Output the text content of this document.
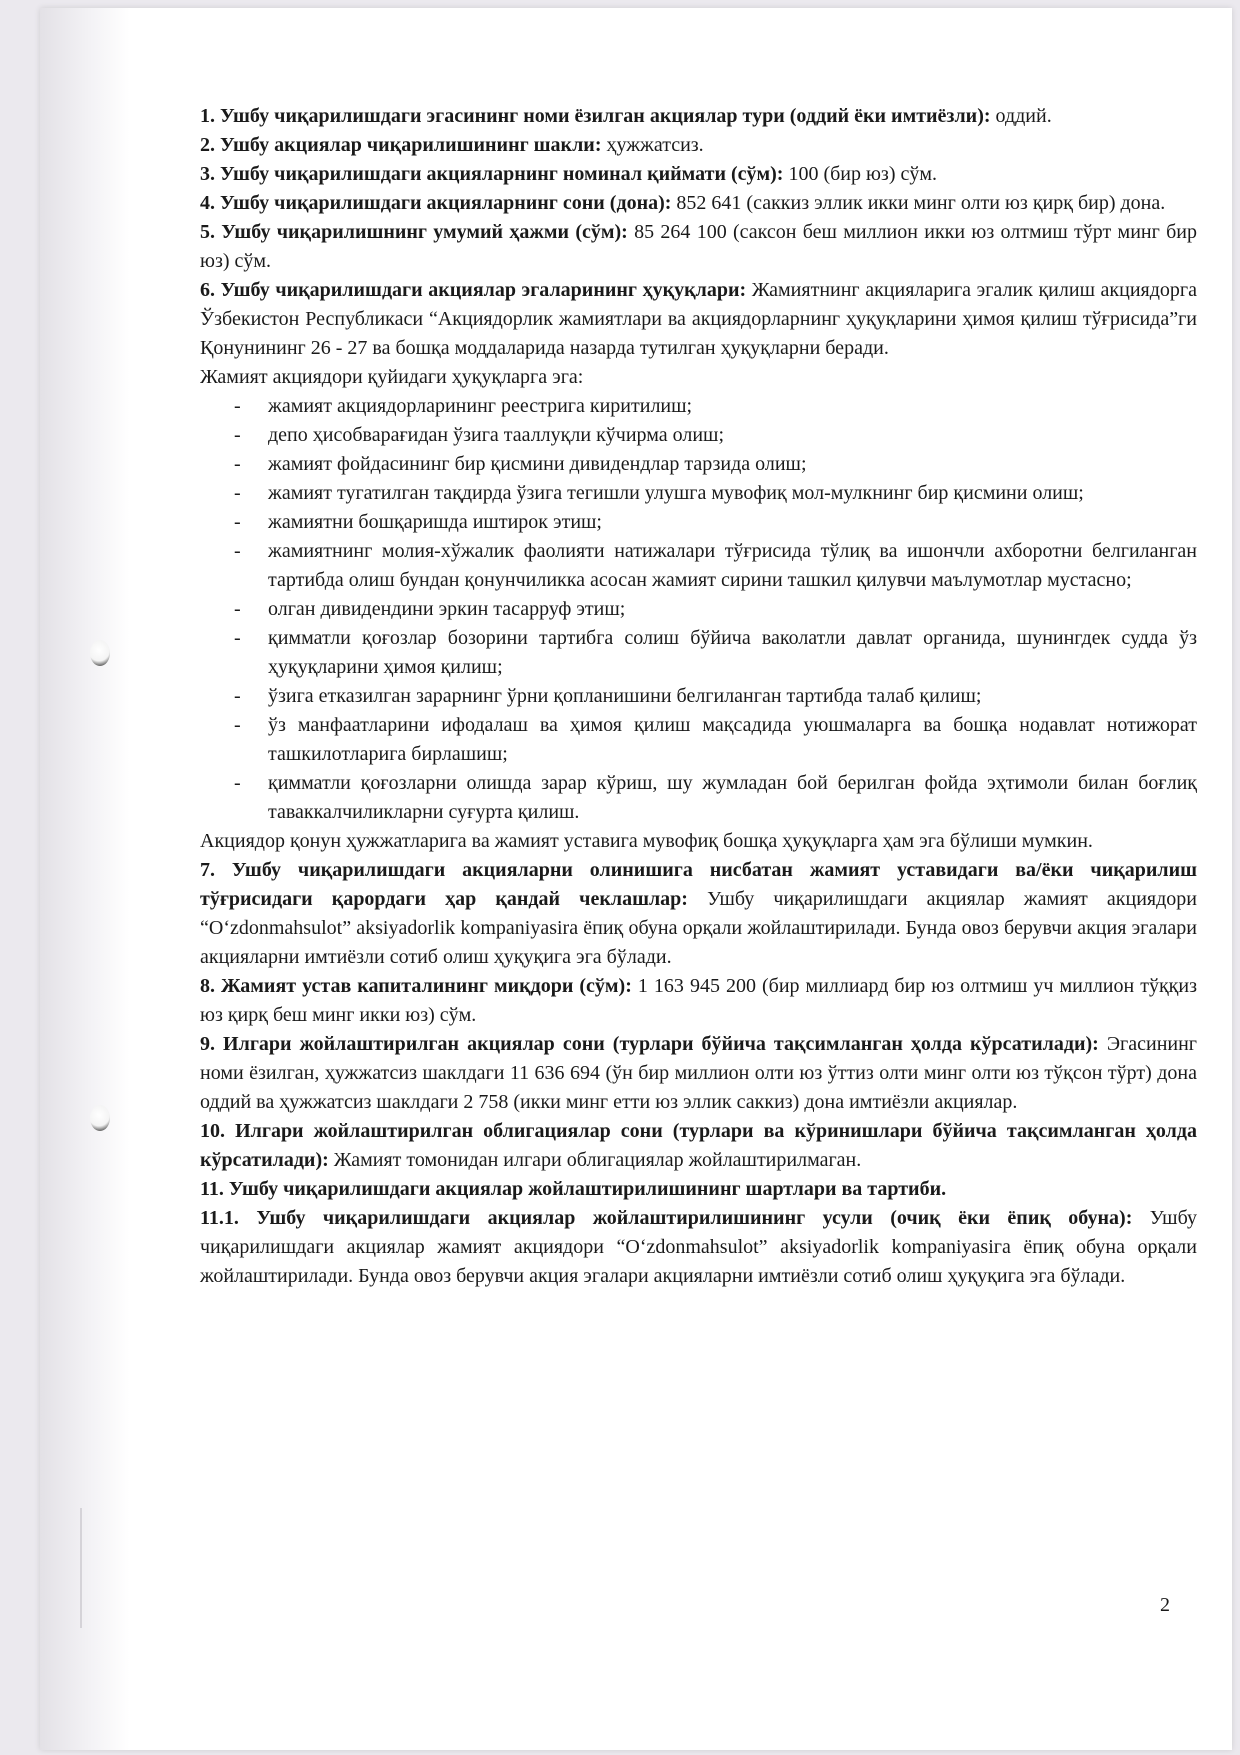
1. Ушбу чиқарилишдаги эгасининг номи ёзилган акциялар тури (оддий ёки имтиёзли): оддий.

2. Ушбу акциялар чиқарилишининг шакли: ҳужжатсиз.

3. Ушбу чиқарилишдаги акцияларнинг номинал қиймати (сўм): 100 (бир юз) сўм.

4. Ушбу чиқарилишдаги акцияларнинг сони (дона): 852 641 (саккиз эллик икки минг олти юз қирқ бир) дона.

5. Ушбу чиқарилишнинг умумий ҳажми (сўм): 85 264 100 (саксон беш миллион икки юз олтмиш тўрт минг бир юз) сўм.

6. Ушбу чиқарилишдаги акциялар эгаларининг ҳуқуқлари: Жамиятнинг акцияларига эгалик қилиш акциядорга Ўзбекистон Республикаси “Акциядорлик жамиятлари ва акциядорларнинг ҳуқуқларини ҳимоя қилиш тўғрисида”ги Қонунининг 26 - 27 ва бошқа моддаларида назарда тутилган ҳуқуқларни беради.

Жамият акциядори қуйидаги ҳуқуқларга эга:

- жамият акциядорларининг реестрига киритилиш;
- депо ҳисобварағидан ўзига тааллуқли кўчирма олиш;
- жамият фойдасининг бир қисмини дивидендлар тарзида олиш;
- жамият тугатилган тақдирда ўзига тегишли улушга мувофиқ мол-мулкнинг бир қисмини олиш;
- жамиятни бошқаришда иштирок этиш;
- жамиятнинг молия-хўжалик фаолияти натижалари тўғрисида тўлиқ ва ишончли ахборотни белгиланган тартибда олиш бундан қонунчиликка асосан жамият сирини ташкил қилувчи маълумотлар мустасно;
- олган дивидендини эркин тасарруф этиш;
- қимматли қоғозлар бозорини тартибга солиш бўйича ваколатли давлат органида, шунингдек судда ўз ҳуқуқларини ҳимоя қилиш;
- ўзига етказилган зарарнинг ўрни қопланишини белгиланган тартибда талаб қилиш;
- ўз манфаатларини ифодалаш ва ҳимоя қилиш мақсадида уюшмаларга ва бошқа нодавлат нотижорат ташкилотларига бирлашиш;
- қимматли қоғозларни олишда зарар кўриш, шу жумладан бой берилган фойда эҳтимоли билан боғлиқ таваккалчиликларни суғурта қилиш.

Акциядор қонун ҳужжатларига ва жамият уставига мувофиқ бошқа ҳуқуқларга ҳам эга бўлиши мумкин.

7. Ушбу чиқарилишдаги акцияларни олинишига нисбатан жамият уставидаги ва/ёки чиқарилиш тўғрисидаги қарордаги ҳар қандай чеклашлар: Ушбу чиқарилишдаги акциялар жамият акциядори “O‘zdonmahsulot” aksiyadorlik kompaniyasira ёпиқ обуна орқали жойлаштирилади. Бунда овоз берувчи акция эгалари акцияларни имтиёзли сотиб олиш ҳуқуқига эга бўлади.

8. Жамият устав капиталининг миқдори (сўм): 1 163 945 200 (бир миллиард бир юз олтмиш уч миллион тўққиз юз қирқ беш минг икки юз) сўм.

9. Илгари жойлаштирилган акциялар сони (турлари бўйича тақсимланган ҳолда кўрсатилади): Эгасининг номи ёзилган, ҳужжатсиз шаклдаги 11 636 694 (ўн бир миллион олти юз ўттиз олти минг олти юз тўқсон тўрт) дона оддий ва ҳужжатсиз шаклдаги 2 758 (икки минг етти юз эллик саккиз) дона имтиёзли акциялар.

10. Илгари жойлаштирилган облигациялар сони (турлари ва кўринишлари бўйича тақсимланган ҳолда кўрсатилади): Жамият томонидан илгари облигациялар жойлаштирилмаган.

11. Ушбу чиқарилишдаги акциялар жойлаштирилишининг шартлари ва тартиби.

11.1. Ушбу чиқарилишдаги акциялар жойлаштирилишининг усули (очиқ ёки ёпиқ обуна): Ушбу чиқарилишдаги акциялар жамият акциядори “O‘zdonmahsulot” aksiyadorlik kompaniyasiга ёпиқ обуна орқали жойлаштирилади. Бунда овоз берувчи акция эгалари акцияларни имтиёзли сотиб олиш ҳуқуқига эга бўлади.

2
